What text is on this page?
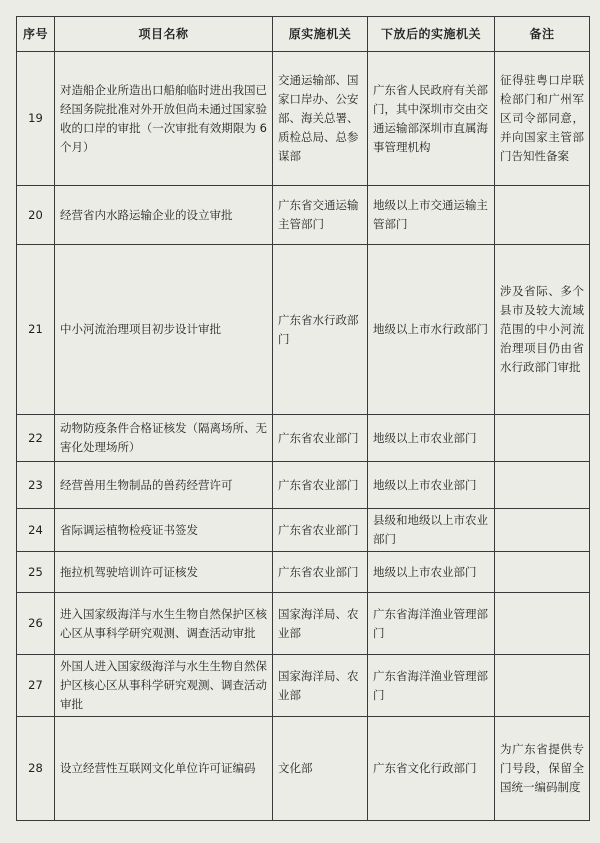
序号	项目名称	原实施机关	下放后的实施机关	备注
19	对造船企业所造出口船舶临时进出我国已经国务院批准对外开放但尚未通过国家验收的口岸的审批（一次审批有效期限为 6 个月）	交通运输部、国家口岸办、公安部、海关总署、质检总局、总参谋部	广东省人民政府有关部门，其中深圳市交由交通运输部深圳市直属海事管理机构	征得驻粤口岸联检部门和广州军区司令部同意，并向国家主管部门告知性备案
20	经营省内水路运输企业的设立审批	广东省交通运输主管部门	地级以上市交通运输主管部门	
21	中小河流治理项目初步设计审批	广东省水行政部门	地级以上市水行政部门	涉及省际、多个县市及较大流域范围的中小河流治理项目仍由省水行政部门审批
22	动物防疫条件合格证核发（隔离场所、无害化处理场所）	广东省农业部门	地级以上市农业部门	
23	经营兽用生物制品的兽药经营许可	广东省农业部门	地级以上市农业部门	
24	省际调运植物检疫证书签发	广东省农业部门	县级和地级以上市农业部门	
25	拖拉机驾驶培训许可证核发	广东省农业部门	地级以上市农业部门	
26	进入国家级海洋与水生生物自然保护区核心区从事科学研究观测、调查活动审批	国家海洋局、农业部	广东省海洋渔业管理部门	
27	外国人进入国家级海洋与水生生物自然保护区核心区从事科学研究观测、调查活动审批	国家海洋局、农业部	广东省海洋渔业管理部门	
28	设立经营性互联网文化单位许可证编码	文化部	广东省文化行政部门	为广东省提供专门号段，保留全国统一编码制度
